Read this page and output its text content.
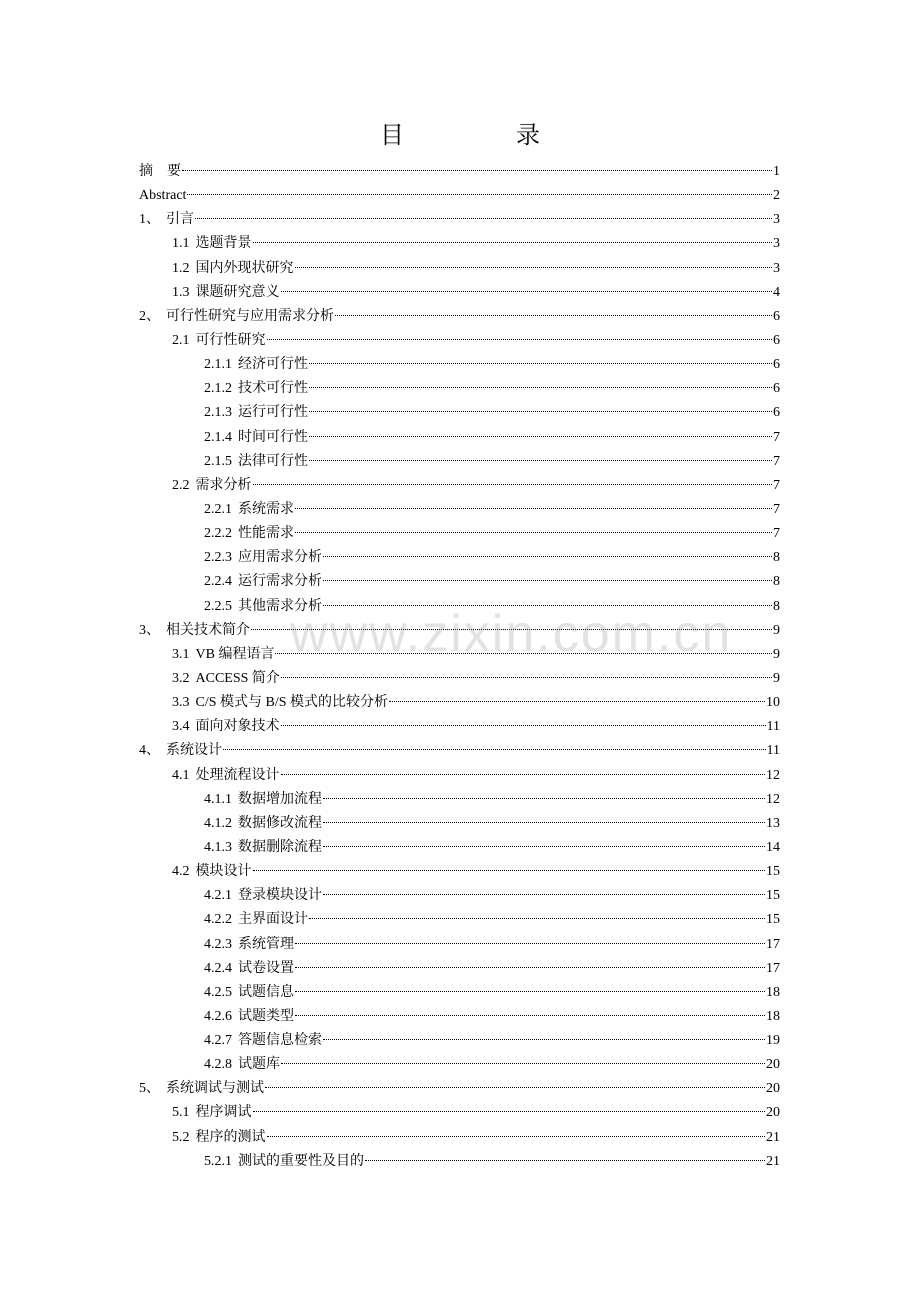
目　录
摘　要	1
Abstract	2
1、 引言	3
1.1 选题背景	3
1.2 国内外现状研究	3
1.3 课题研究意义	4
2、 可行性研究与应用需求分析	6
2.1 可行性研究	6
2.1.1 经济可行性	6
2.1.2 技术可行性	6
2.1.3 运行可行性	6
2.1.4 时间可行性	7
2.1.5 法律可行性	7
2.2 需求分析	7
2.2.1 系统需求	7
2.2.2 性能需求	7
2.2.3 应用需求分析	8
2.2.4 运行需求分析	8
2.2.5 其他需求分析	8
3、 相关技术简介	9
3.1 VB 编程语言	9
3.2 ACCESS 简介	9
3.3 C/S 模式与 B/S 模式的比较分析	10
3.4 面向对象技术	11
4、 系统设计	11
4.1 处理流程设计	12
4.1.1 数据增加流程	12
4.1.2 数据修改流程	13
4.1.3 数据删除流程	14
4.2 模块设计	15
4.2.1 登录模块设计	15
4.2.2 主界面设计	15
4.2.3 系统管理	17
4.2.4 试卷设置	17
4.2.5 试题信息	18
4.2.6 试题类型	18
4.2.7 答题信息检索	19
4.2.8 试题库	20
5、 系统调试与测试	20
5.1 程序调试	20
5.2 程序的测试	21
5.2.1 测试的重要性及目的	21
www.zixin.com.cn
